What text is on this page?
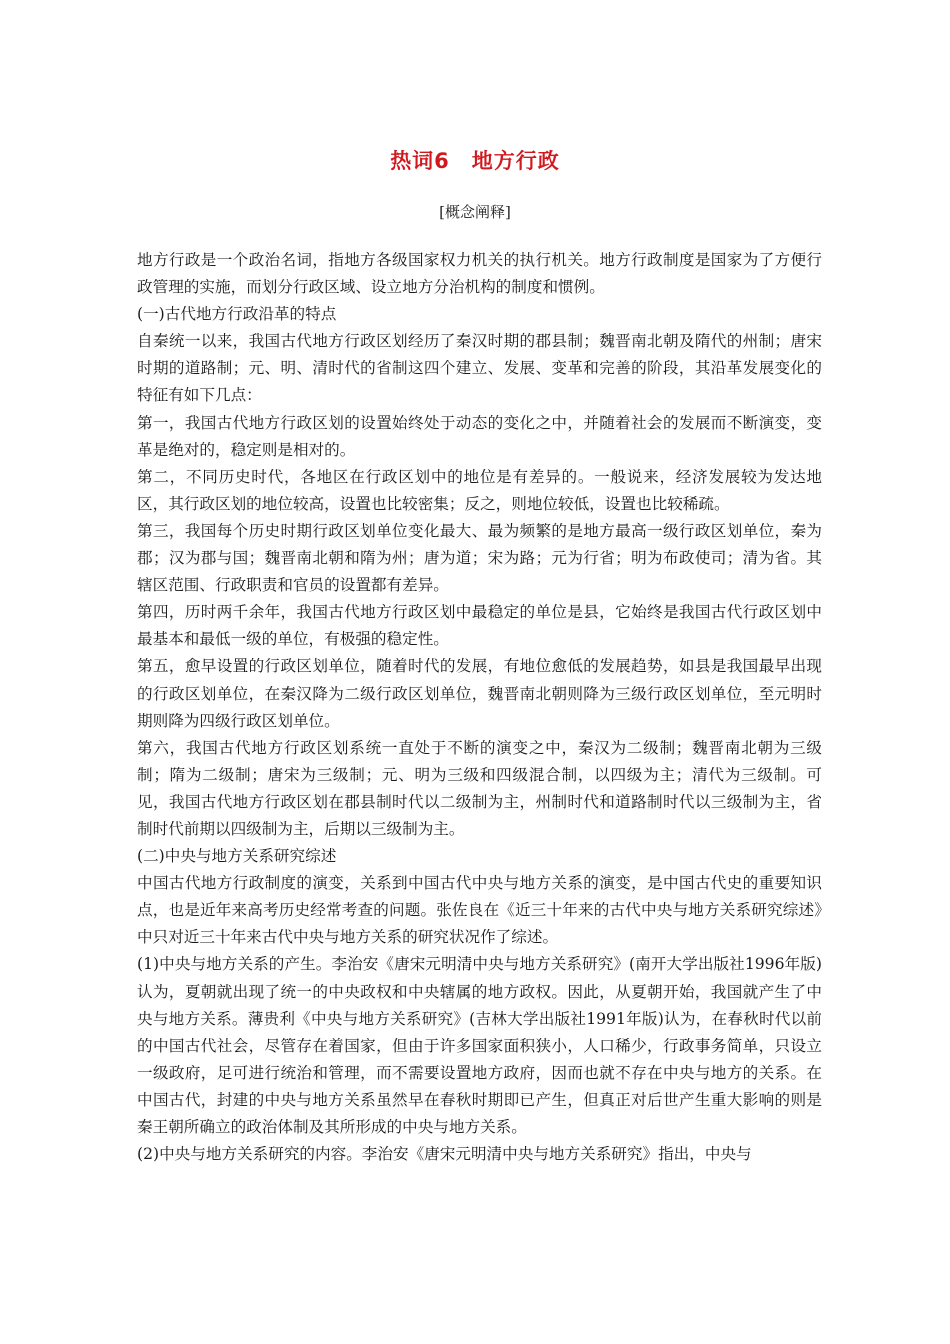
热词6　地方行政
[概念阐释]

地方行政是一个政治名词，指地方各级国家权力机关的执行机关。地方行政制度是国家为了方便行政管理的实施，而划分行政区域、设立地方分治机构的制度和惯例。

(一)古代地方行政沿革的特点

自秦统一以来，我国古代地方行政区划经历了秦汉时期的郡县制；魏晋南北朝及隋代的州制；唐宋时期的道路制；元、明、清时代的省制这四个建立、发展、变革和完善的阶段，其沿革发展变化的特征有如下几点：

第一，我国古代地方行政区划的设置始终处于动态的变化之中，并随着社会的发展而不断演变，变革是绝对的，稳定则是相对的。

第二，不同历史时代，各地区在行政区划中的地位是有差异的。一般说来，经济发展较为发达地区，其行政区划的地位较高，设置也比较密集；反之，则地位较低，设置也比较稀疏。

第三，我国每个历史时期行政区划单位变化最大、最为频繁的是地方最高一级行政区划单位，秦为郡；汉为郡与国；魏晋南北朝和隋为州；唐为道；宋为路；元为行省；明为布政使司；清为省。其辖区范围、行政职责和官员的设置都有差异。

第四，历时两千余年，我国古代地方行政区划中最稳定的单位是县，它始终是我国古代行政区划中最基本和最低一级的单位，有极强的稳定性。

第五，愈早设置的行政区划单位，随着时代的发展，有地位愈低的发展趋势，如县是我国最早出现的行政区划单位，在秦汉降为二级行政区划单位，魏晋南北朝则降为三级行政区划单位，至元明时期则降为四级行政区划单位。

第六，我国古代地方行政区划系统一直处于不断的演变之中，秦汉为二级制；魏晋南北朝为三级制；隋为二级制；唐宋为三级制；元、明为三级和四级混合制，以四级为主；清代为三级制。可见，我国古代地方行政区划在郡县制时代以二级制为主，州制时代和道路制时代以三级制为主，省制时代前期以四级制为主，后期以三级制为主。

(二)中央与地方关系研究综述

中国古代地方行政制度的演变，关系到中国古代中央与地方关系的演变，是中国古代史的重要知识点，也是近年来高考历史经常考查的问题。张佐良在《近三十年来的古代中央与地方关系研究综述》中只对近三十年来古代中央与地方关系的研究状况作了综述。

(1)中央与地方关系的产生。李治安《唐宋元明清中央与地方关系研究》(南开大学出版社1996年版)认为，夏朝就出现了统一的中央政权和中央辖属的地方政权。因此，从夏朝开始，我国就产生了中央与地方关系。薄贵利《中央与地方关系研究》(吉林大学出版社1991年版)认为，在春秋时代以前的中国古代社会，尽管存在着国家，但由于许多国家面积狭小，人口稀少，行政事务简单，只设立一级政府，足可进行统治和管理，而不需要设置地方政府，因而也就不存在中央与地方的关系。在中国古代，封建的中央与地方关系虽然早在春秋时期即已产生，但真正对后世产生重大影响的则是秦王朝所确立的政治体制及其所形成的中央与地方关系。

(2)中央与地方关系研究的内容。李治安《唐宋元明清中央与地方关系研究》指出，中央与
